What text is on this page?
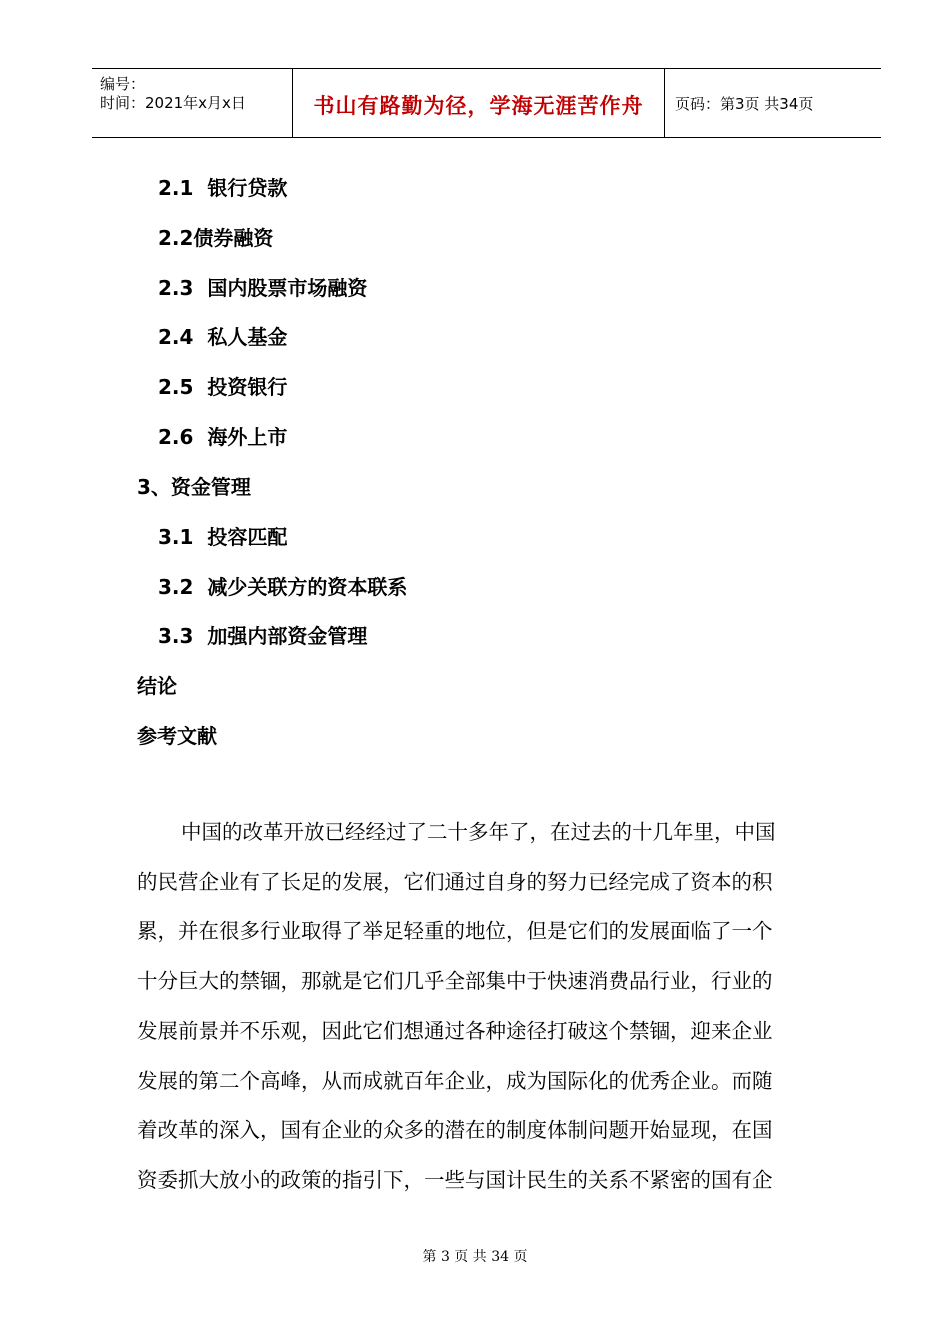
编号：
时间：2021年x月x日	书山有路勤为径，学海无涯苦作舟	页码：第3页 共34页
2.1  银行贷款
2.2债券融资
2.3  国内股票市场融资
2.4  私人基金
2.5  投资银行
2.6  海外上市
3、资金管理
3.1  投容匹配
3.2  减少关联方的资本联系
3.3  加强内部资金管理
结论
参考文献
中国的改革开放已经经过了二十多年了，在过去的十几年里，中国
的民营企业有了长足的发展，它们通过自身的努力已经完成了资本的积
累，并在很多行业取得了举足轻重的地位，但是它们的发展面临了一个
十分巨大的禁锢，那就是它们几乎全部集中于快速消费品行业，行业的
发展前景并不乐观，因此它们想通过各种途径打破这个禁锢，迎来企业
发展的第二个高峰，从而成就百年企业，成为国际化的优秀企业。而随
着改革的深入，国有企业的众多的潜在的制度体制问题开始显现，在国
资委抓大放小的政策的指引下，一些与国计民生的关系不紧密的国有企
第 3 页 共 34 页
